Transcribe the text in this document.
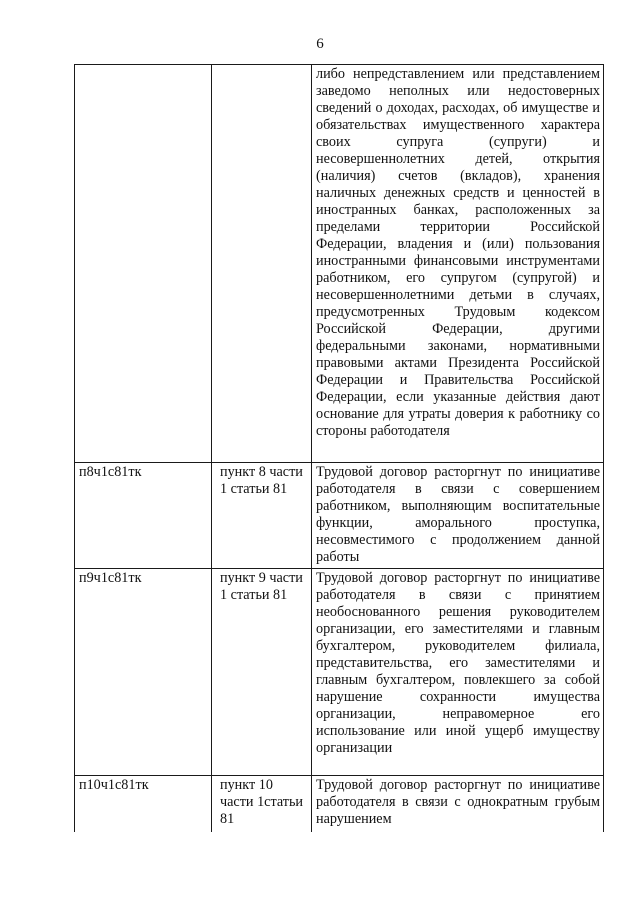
6
		либо непредставлением или представлением заведомо неполных или недостоверных сведений о доходах, расходах, об имуществе и обязательствах имущественного характера своих супруга (супруги) и несовершеннолетних детей, открытия (наличия) счетов (вкладов), хранения наличных денежных средств и ценностей в иностранных банках, расположенных за пределами территории Российской Федерации, владения и (или) пользования иностранными финансовыми инструментами работником, его супругом (супругой) и несовершеннолетними детьми в случаях, предусмотренных Трудовым кодексом Российской Федерации, другими федеральными законами, нормативными правовыми актами Президента Российской Федерации и Правительства Российской Федерации, если указанные действия дают основание для утраты доверия к работнику со стороны работодателя
п8ч1с81тк	пункт 8 части 1 статьи 81	Трудовой договор расторгнут по инициативе работодателя в связи с совершением работником, выполняющим воспитательные функции, аморального проступка, несовместимого с продолжением данной работы
п9ч1с81тк	пункт 9 части 1 статьи 81	Трудовой договор расторгнут по инициативе работодателя в связи с принятием необоснованного решения руководителем организации, его заместителями и главным бухгалтером, руководителем филиала, представительства, его заместителями и главным бухгалтером, повлекшего за собой нарушение сохранности имущества организации, неправомерное его использование или иной ущерб имуществу организации
п10ч1с81тк	пункт 10 части 1статьи 81	Трудовой договор расторгнут по инициативе работодателя в связи с однократным грубым нарушением
